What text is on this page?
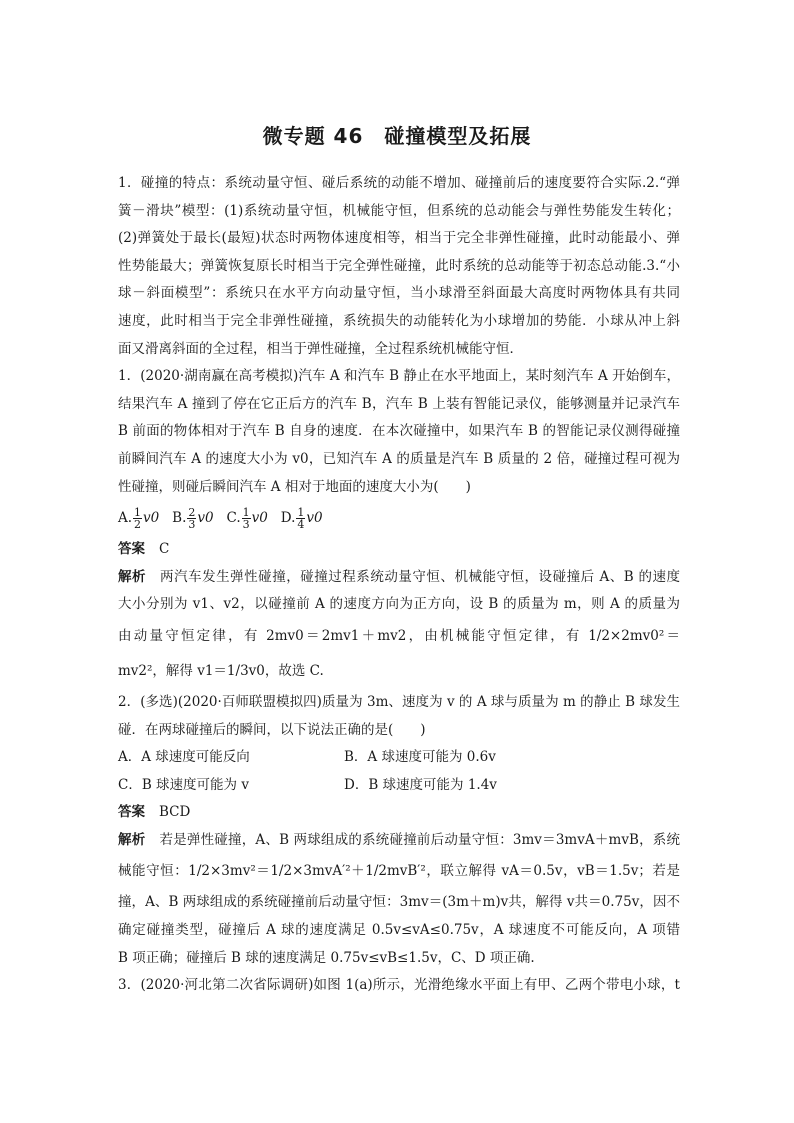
微专题 46　碰撞模型及拓展
1．碰撞的特点：系统动量守恒、碰后系统的动能不增加、碰撞前后的速度要符合实际.2.“弹
簧－滑块”模型：(1)系统动量守恒，机械能守恒，但系统的总动能会与弹性势能发生转化；
(2)弹簧处于最长(最短)状态时两物体速度相等，相当于完全非弹性碰撞，此时动能最小、弹
性势能最大；弹簧恢复原长时相当于完全弹性碰撞，此时系统的总动能等于初态总动能.3.“小
球－斜面模型”：系统只在水平方向动量守恒，当小球滑至斜面最大高度时两物体具有共同
速度，此时相当于完全非弹性碰撞，系统损失的动能转化为小球增加的势能．小球从冲上斜
面又滑离斜面的全过程，相当于弹性碰撞，全过程系统机械能守恒．
1．(2020·湖南赢在高考模拟)汽车 A 和汽车 B 静止在水平地面上，某时刻汽车 A 开始倒车，
结果汽车 A 撞到了停在它正后方的汽车 B，汽车 B 上装有智能记录仪，能够测量并记录汽车
B 前面的物体相对于汽车 B 自身的速度．在本次碰撞中，如果汽车 B 的智能记录仪测得碰撞
前瞬间汽车 A 的速度大小为 v0，已知汽车 A 的质量是汽车 B 质量的 2 倍，碰撞过程可视为
性碰撞，则碰后瞬间汽车 A 相对于地面的速度大小为(　　)
A. $\frac{1}{2} v0$ B. $\frac{2}{3} v0$ C. $\frac{1}{3} v0$ D. $\frac{1}{4} v0$
答案 C
解析 两汽车发生弹性碰撞，碰撞过程系统动量守恒、机械能守恒，设碰撞后 A、B 的速度
大小分别为 v1、v2，以碰撞前 A 的速度方向为正方向，设 B 的质量为 m，则 A 的质量为
由动量守恒定律，有 2mv0＝2mv1＋mv2，由机械能守恒定律，有 1/2×2mv0²＝
mv2²，解得 v1＝1/3v0，故选 C.
2．(多选)(2020·百师联盟模拟四)质量为 3m、速度为 v 的 A 球与质量为 m 的静止 B 球发生
碰．在两球碰撞后的瞬间，以下说法正确的是(　　)
A．A 球速度可能反向	B．A 球速度可能为 0.6v
C．B 球速度可能为 v	D．B 球速度可能为 1.4v
答案 BCD
解析 若是弹性碰撞，A、B 两球组成的系统碰撞前后动量守恒：3mv＝3mvA＋mvB，系统
械能守恒：1/2×3mv²＝1/2×3mvA′²＋1/2mvB′²，联立解得 vA＝0.5v，vB＝1.5v；若是
撞，A、B 两球组成的系统碰撞前后动量守恒：3mv＝(3m＋m)v共，解得 v共＝0.75v，因不
确定碰撞类型，碰撞后 A 球的速度满足 0.5v≤vA≤0.75v，A 球速度不可能反向，A 项错
B 项正确；碰撞后 B 球的速度满足 0.75v≤vB≤1.5v，C、D 项正确.
3．(2020·河北第二次省际调研)如图 1(a)所示，光滑绝缘水平面上有甲、乙两个带电小球，t
